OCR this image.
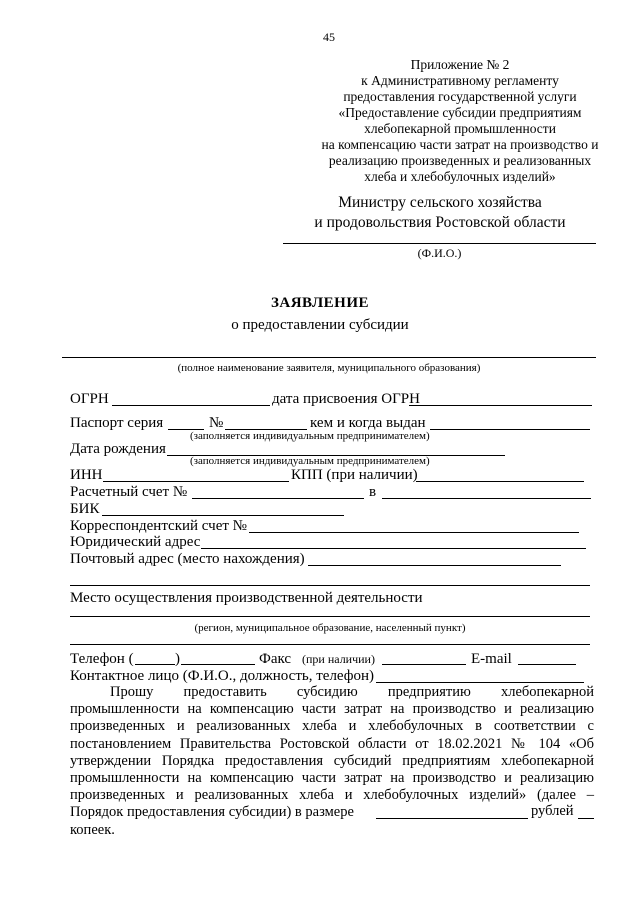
45
Приложение № 2
к Административному регламенту
предоставления государственной услуги
«Предоставление субсидии предприятиям
хлебопекарной промышленности
на компенсацию части затрат на производство и
реализацию произведенных и реализованных
хлеба и хлебобулочных изделий»
Министру сельского хозяйства
и продовольствия Ростовской области
(Ф.И.О.)
ЗАЯВЛЕНИЕ
о предоставлении субсидии
(полное наименование заявителя, муниципального образования)
ОГРН	дата присвоения ОГРН
Паспорт серия	№	кем и когда выдан
(заполняется индивидуальным предпринимателем)
Дата рождения
(заполняется индивидуальным предпринимателем)
ИНН	КПП (при наличии)
Расчетный счет №	в
БИК
Корреспондентский счет №
Юридический адрес
Почтовый адрес (место нахождения)
Место осуществления производственной деятельности
(регион, муниципальное образование, населенный пункт)
Телефон (	)	Факс (при наличии)	E-mail
Контактное лицо (Ф.И.О., должность, телефон)
Прошу предоставить субсидию предприятию хлебопекарной
промышленности на компенсацию части затрат на производство и реализацию
произведенных и реализованных хлеба и хлебобулочных в соответствии с
постановлением Правительства Ростовской области от 18.02.2021 № 104 «Об
утверждении Порядка предоставления субсидий предприятиям хлебопекарной
промышленности на компенсацию части затрат на производство и реализацию
произведенных и реализованных хлеба и хлебобулочных изделий» (далее –
Порядок предоставления субсидии) в размере
копеек.
рублей
